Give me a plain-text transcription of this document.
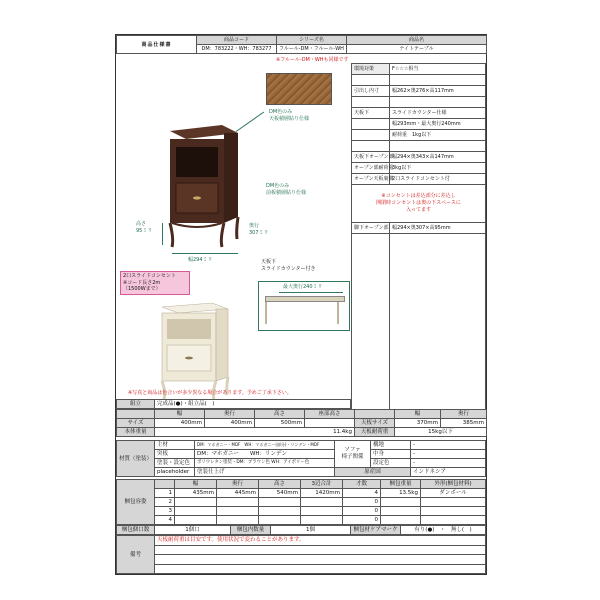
商品仕様書	商品コード	シリーズ名	商品名
	DM：783222・WH：783277	フルール-DM・フルール-WH	ナイトテーブル
※フルール-DM・WHも同様です
環境対策	F☆☆☆相当

引出し内寸	幅262×奥276×高117mm

天板下	スライドカウンター仕様
	幅293mm・最大奥行240mm
	耐荷重　1kg以下

天板下オープン部	幅294×奥343×高147mm
オープン部耐荷重	3kg以下
オープン天板裏側	2口スライドコンセント付

※コンセントは差込部分に差込し
開閉時コンセントは奥の下スペースに
入ってます	

脚下オープン部	幅294×奥307×高95mm

DM色のみ
天板積層貼り仕様
DM色のみ
前板積層貼り仕様
高さ
95ミリ
奥行
307ミリ
幅294ミリ	天板下
スライドカウンター付き
2口スライドコンセント
※コード長さ2m
（1500Wまで）	最大奥行240ミリ
※写真と商品は色合いが多少異なる場合があります。予めご了承下さい。
組立	完成品(●)・組立品(　)
	幅	奥行	高さ	座部高さ		幅	奥行
サイズ	400mm	400mm	500mm		天板サイズ	370mm	385mm
本体重量	11.4kg				天板耐荷重	15kg以下	
材質（塗装）	主材	DM：マホガニー・MDF　WH：マホガニー(部分)・リンデン・MDF	ソファ
椅子関係	構地	-
	突板	DM：マホガニー　　WH：リンデン		中身	-
	塗装・設定色	ポリウレタン塗装・DM：ブラウン色 WH：アイボリー色		設定色	-
	placeholder	塗装仕上げ	原産国		インドネシア
梱包容姿		幅	奥行	高さ	3辺合計	才数	梱包重量	外形(梱包材料)
	1	435mm	445mm	540mm	1420mm	4	13.5kg	ダンボール
	2					0		
	3					0		
	4					0		
梱包個口数	1個口	梱包内数量	1個	梱包材ケアマーク	有り(●)　・　無し(　)
備考	天板耐荷重は目安です。使用状況で変わることがあります。
